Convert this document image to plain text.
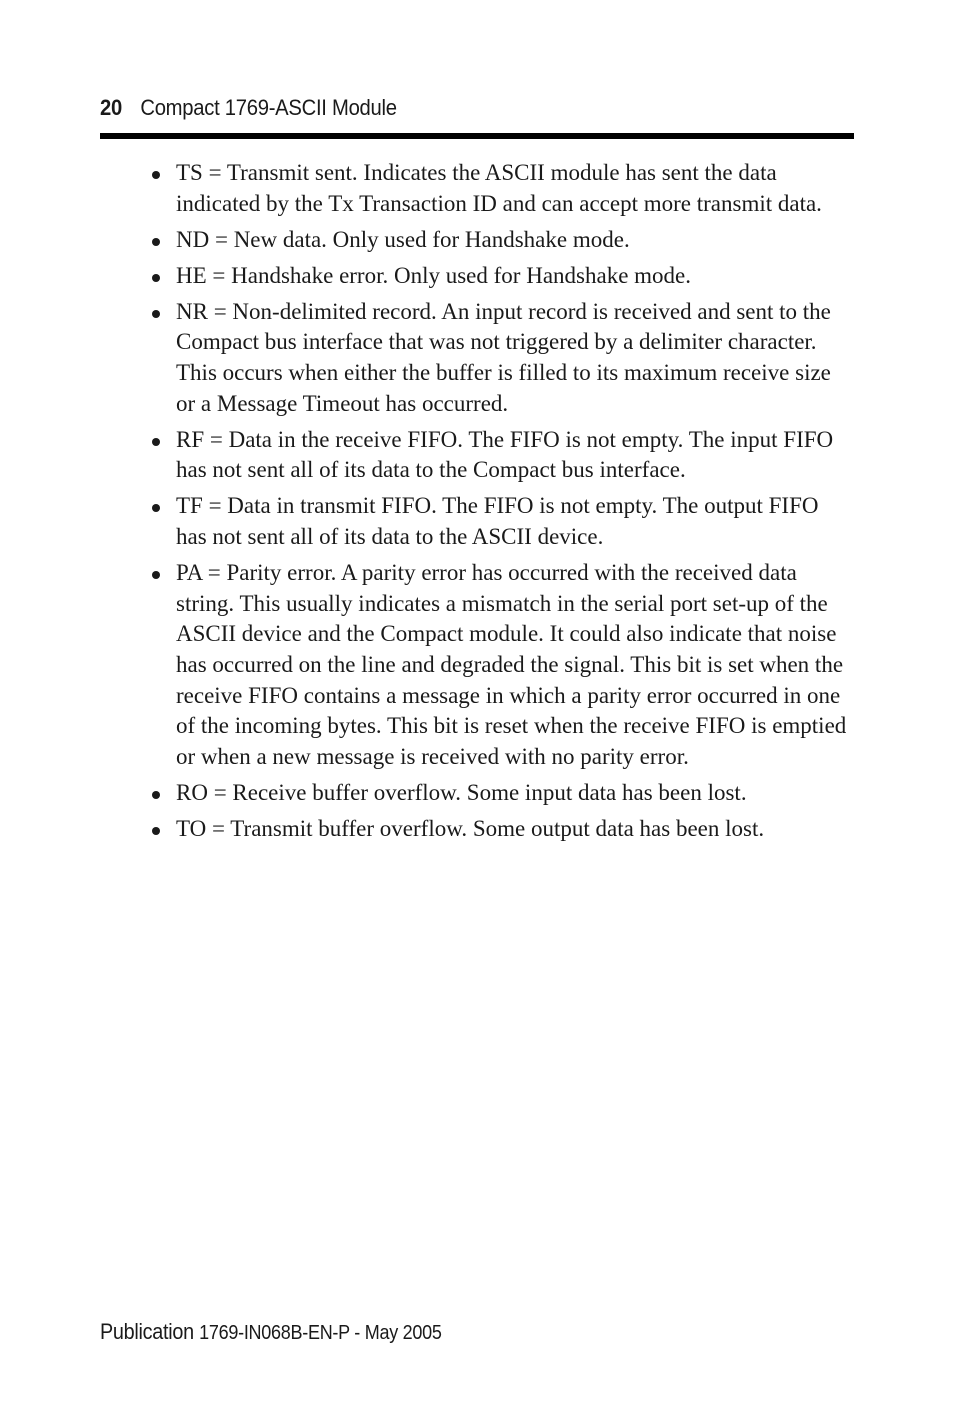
20 Compact 1769-ASCII Module
TS = Transmit sent. Indicates the ASCII module has sent the data indicated by the Tx Transaction ID and can accept more transmit data.
ND = New data. Only used for Handshake mode.
HE = Handshake error. Only used for Handshake mode.
NR = Non-delimited record. An input record is received and sent to the Compact bus interface that was not triggered by a delimiter character. This occurs when either the buffer is filled to its maximum receive size or a Message Timeout has occurred.
RF = Data in the receive FIFO. The FIFO is not empty. The input FIFO has not sent all of its data to the Compact bus interface.
TF = Data in transmit FIFO. The FIFO is not empty. The output FIFO has not sent all of its data to the ASCII device.
PA = Parity error. A parity error has occurred with the received data string. This usually indicates a mismatch in the serial port set-up of the ASCII device and the Compact module. It could also indicate that noise has occurred on the line and degraded the signal. This bit is set when the receive FIFO contains a message in which a parity error occurred in one of the incoming bytes. This bit is reset when the receive FIFO is emptied or when a new message is received with no parity error.
RO = Receive buffer overflow. Some input data has been lost.
TO = Transmit buffer overflow. Some output data has been lost.
Publication 1769-IN068B-EN-P - May 2005
